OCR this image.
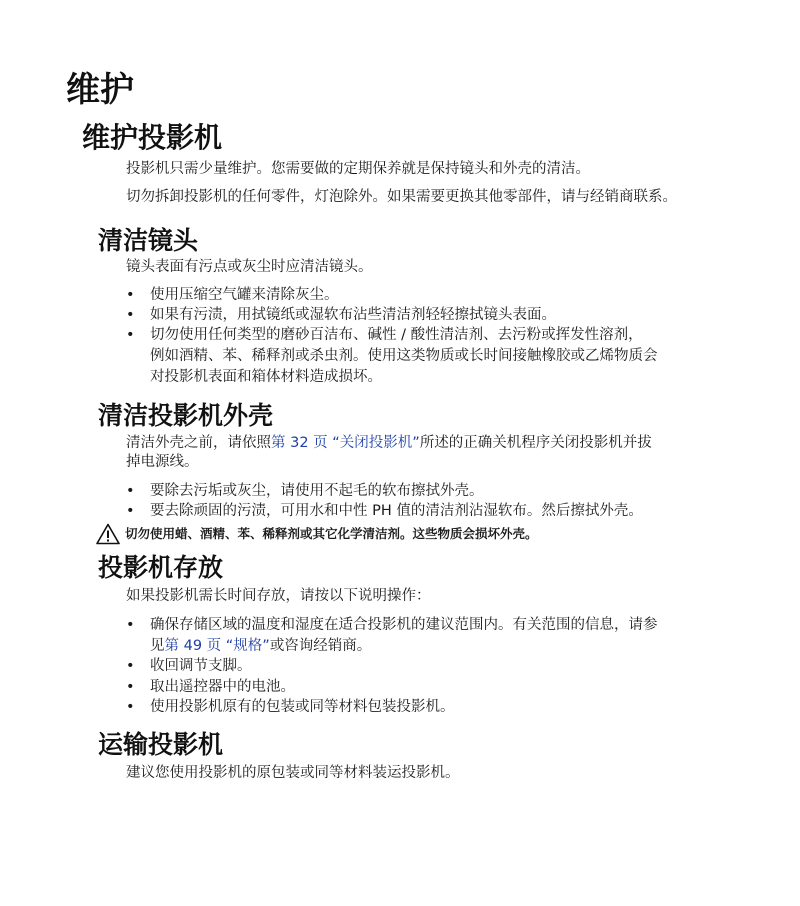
维护
维护投影机

投影机只需少量维护。您需要做的定期保养就是保持镜头和外壳的清洁。

切勿拆卸投影机的任何零件，灯泡除外。如果需要更换其他零部件，请与经销商联系。

清洁镜头

镜头表面有污点或灰尘时应清洁镜头。

•	使用压缩空气罐来清除灰尘。
•	如果有污渍，用拭镜纸或湿软布沾些清洁剂轻轻擦拭镜头表面。
•	切勿使用任何类型的磨砂百洁布、碱性 / 酸性清洁剂、去污粉或挥发性溶剂，
例如酒精、苯、稀释剂或杀虫剂。使用这类物质或长时间接触橡胶或乙烯物质会
对投影机表面和箱体材料造成损坏。
清洁投影机外壳

清洁外壳之前，请依照第 32 页 “关闭投影机”所述的正确关机程序关闭投影机并拔

掉电源线。

•	要除去污垢或灰尘，请使用不起毛的软布擦拭外壳。
•	要去除顽固的污渍，可用水和中性 PH 值的清洁剂沾湿软布。然后擦拭外壳。
切勿使用蜡、酒精、苯、稀释剂或其它化学清洁剂。这些物质会损坏外壳。
投影机存放

如果投影机需长时间存放，请按以下说明操作：

•	确保存储区域的温度和湿度在适合投影机的建议范围内。有关范围的信息，请参
见第 49 页 “规格”或咨询经销商。
•	收回调节支脚。
•	取出遥控器中的电池。
•	使用投影机原有的包装或同等材料包装投影机。
运输投影机

建议您使用投影机的原包装或同等材料装运投影机。
